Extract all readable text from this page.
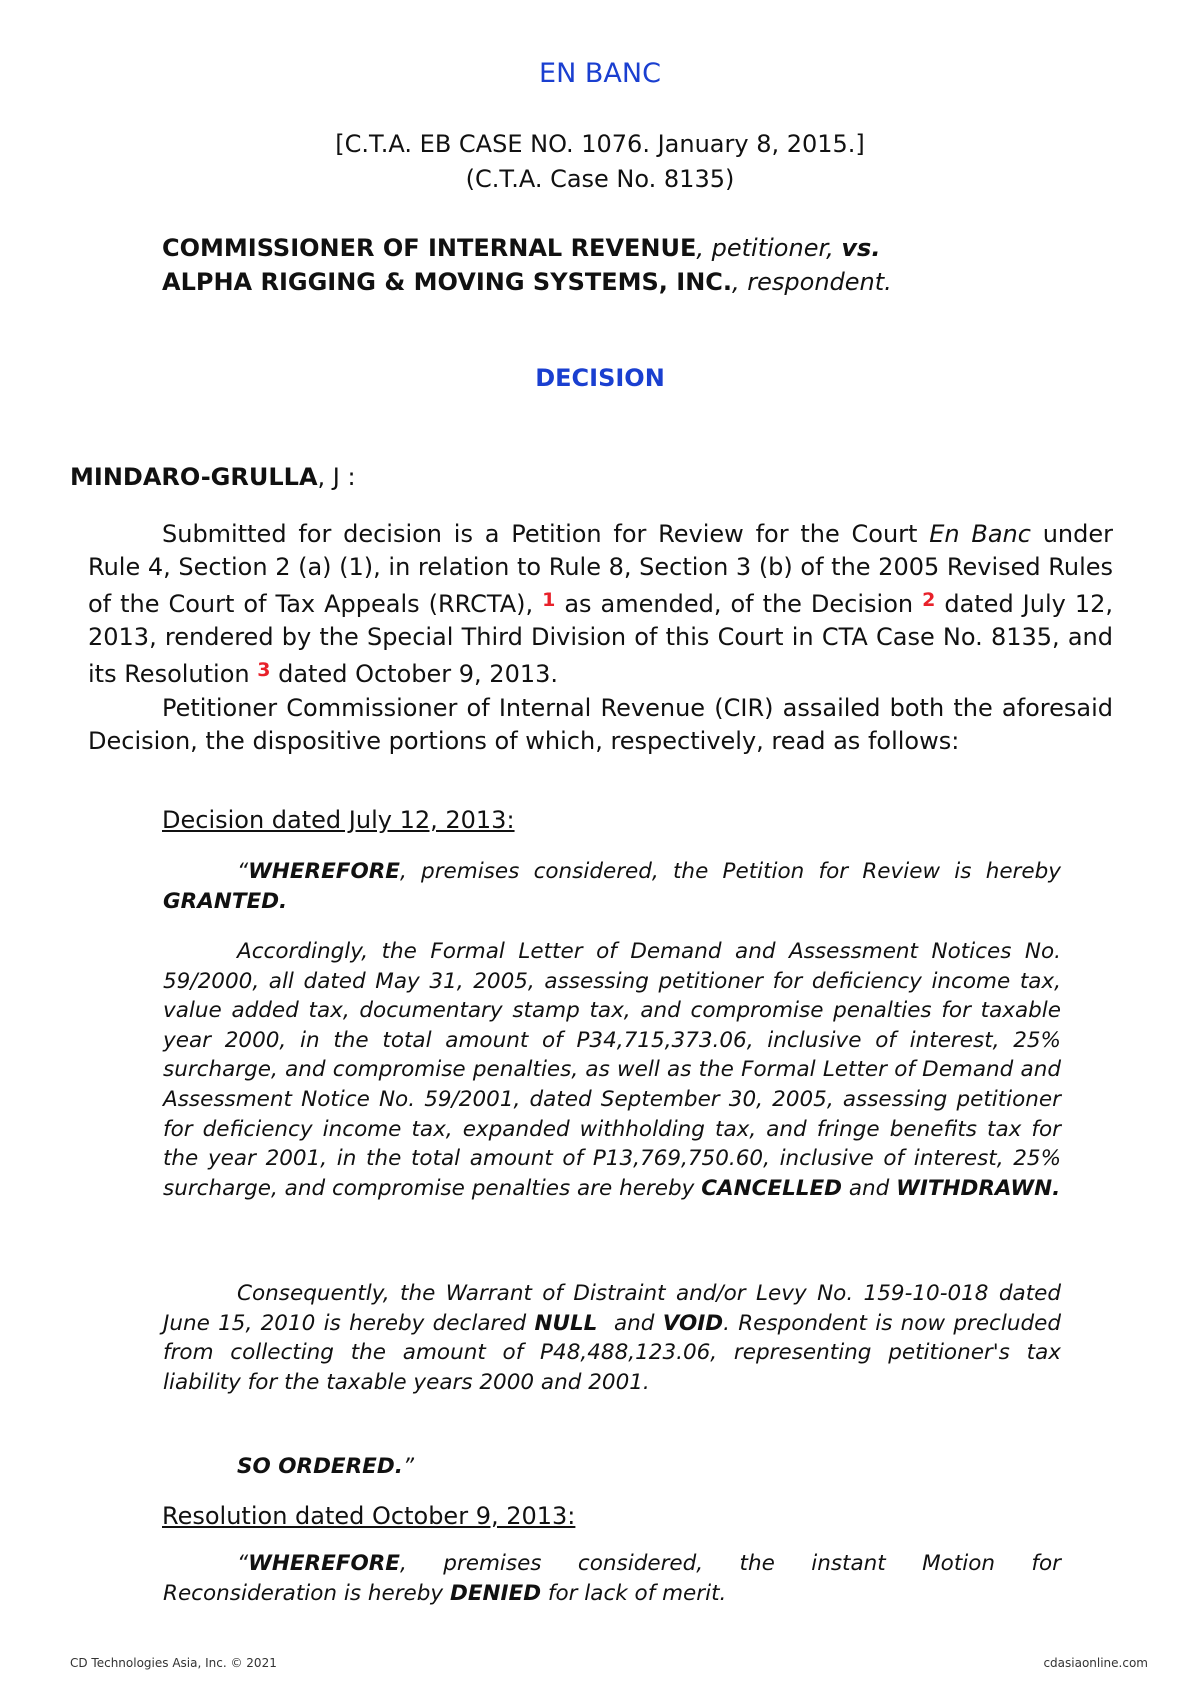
EN BANC
[C.T.A. EB CASE NO. 1076. January 8, 2015.]
(C.T.A. Case No. 8135)
COMMISSIONER OF INTERNAL REVENUE, petitioner, vs.
ALPHA RIGGING & MOVING SYSTEMS, INC., respondent.
DECISION
MINDARO-GRULLA, J :
Submitted for decision is a Petition for Review for the Court En Banc under Rule 4, Section 2 (a) (1), in relation to Rule 8, Section 3 (b) of the 2005 Revised Rules of the Court of Tax Appeals (RRCTA), $^1$ as amended, of the Decision $^2$ dated July 12, 2013, rendered by the Special Third Division of this Court in CTA Case No. 8135, and its Resolution $^3$ dated October 9, 2013.
Petitioner Commissioner of Internal Revenue (CIR) assailed both the aforesaid Decision, the dispositive portions of which, respectively, read as follows:
Decision dated July 12, 2013:
“WHEREFORE, premises considered, the Petition for Review is hereby GRANTED.
Accordingly, the Formal Letter of Demand and Assessment Notices No. 59/2000, all dated May 31, 2005, assessing petitioner for deficiency income tax, value added tax, documentary stamp tax, and compromise penalties for taxable year 2000, in the total amount of P34,715,373.06, inclusive of interest, 25% surcharge, and compromise penalties, as well as the Formal Letter of Demand and Assessment Notice No. 59/2001, dated September 30, 2005, assessing petitioner for deficiency income tax, expanded withholding tax, and fringe benefits tax for the year 2001, in the total amount of P13,769,750.60, inclusive of interest, 25% surcharge, and compromise penalties are hereby CANCELLED and WITHDRAWN.
Consequently, the Warrant of Distraint and/or Levy No. 159-10-018 dated June 15, 2010 is hereby declared NULL  and VOID. Respondent is now precluded from collecting the amount of P48,488,123.06, representing petitioner's tax liability for the taxable years 2000 and 2001.
SO ORDERED.”
Resolution dated October 9, 2013:
“WHEREFORE, premises considered, the instant Motion for Reconsideration is hereby DENIED for lack of merit.
CD Technologies Asia, Inc. © 2021	cdasiaonline.com
